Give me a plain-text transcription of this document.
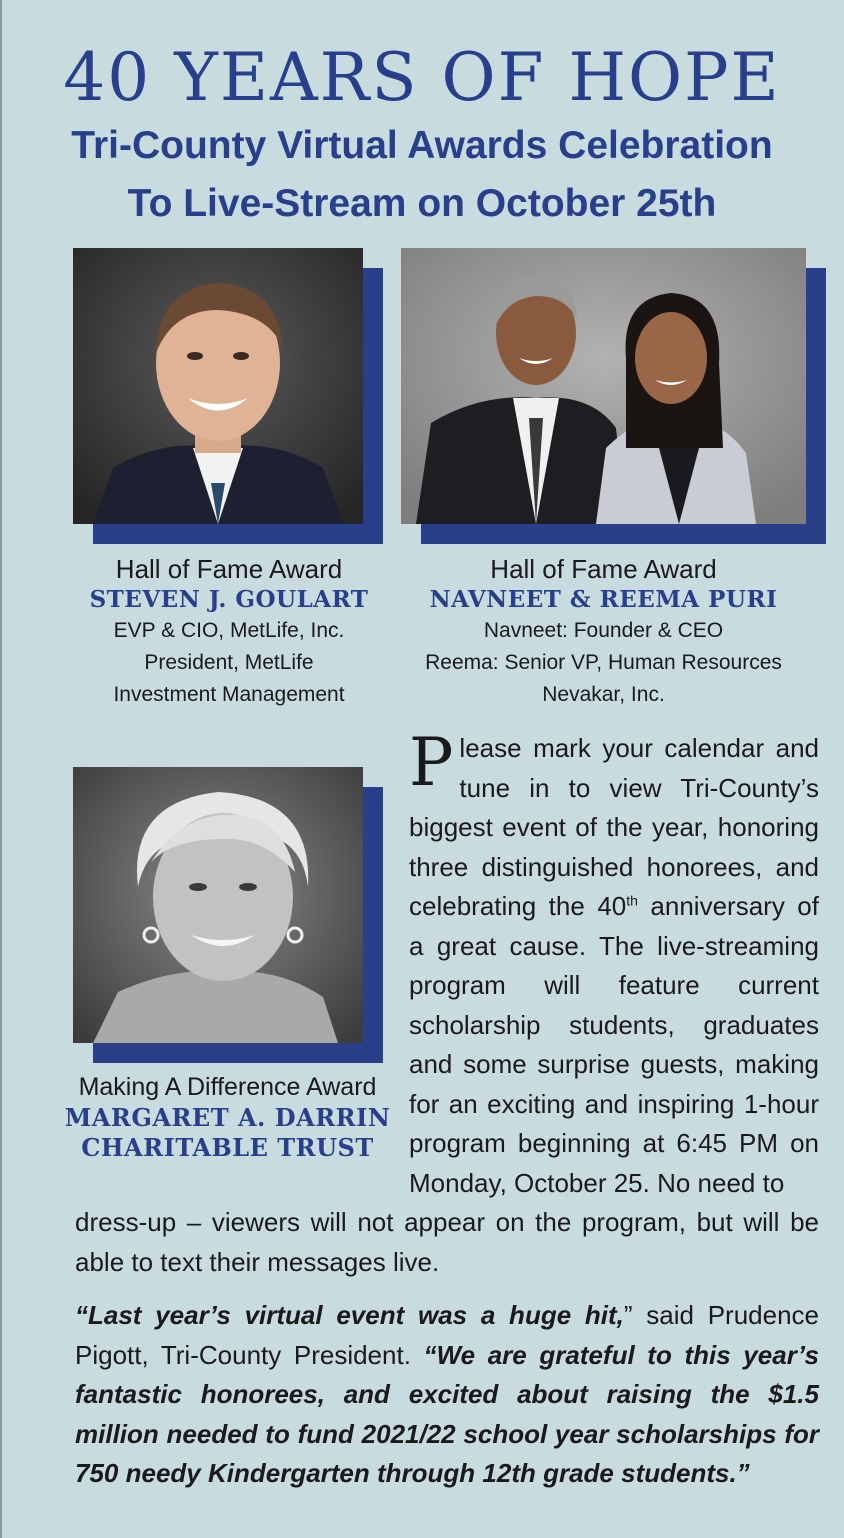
40 YEARS OF HOPE
Tri-County Virtual Awards Celebration
To Live-Stream on October 25th
Hall of Fame Award
STEVEN J. GOULART
EVP & CIO, MetLife, Inc.
President, MetLife
Investment Management
Hall of Fame Award
NAVNEET & REEMA PURI
Navneet: Founder & CEO
Reema: Senior VP, Human Resources
Nevakar, Inc.
Making A Difference Award
MARGARET A. DARRIN
CHARITABLE TRUST
Please mark your calendar and tune in to view Tri-County’s biggest event of the year, honoring three distinguished honorees, and celebrating the 40th anniversary of a great cause. The live-streaming program will feature current scholarship students, graduates and some surprise guests, making for an exciting and inspiring 1-hour program beginning at 6:45 PM on Monday, October 25. No need to
dress-up – viewers will not appear on the program, but will be able to text their messages live.
“Last year’s virtual event was a huge hit,” said Prudence Pigott, Tri-County President. “We are grateful to this year’s fantastic honorees, and excited about raising the $1.5 million needed to fund 2021/22 school year scholarships for 750 needy Kindergarten through 12th grade students.”
